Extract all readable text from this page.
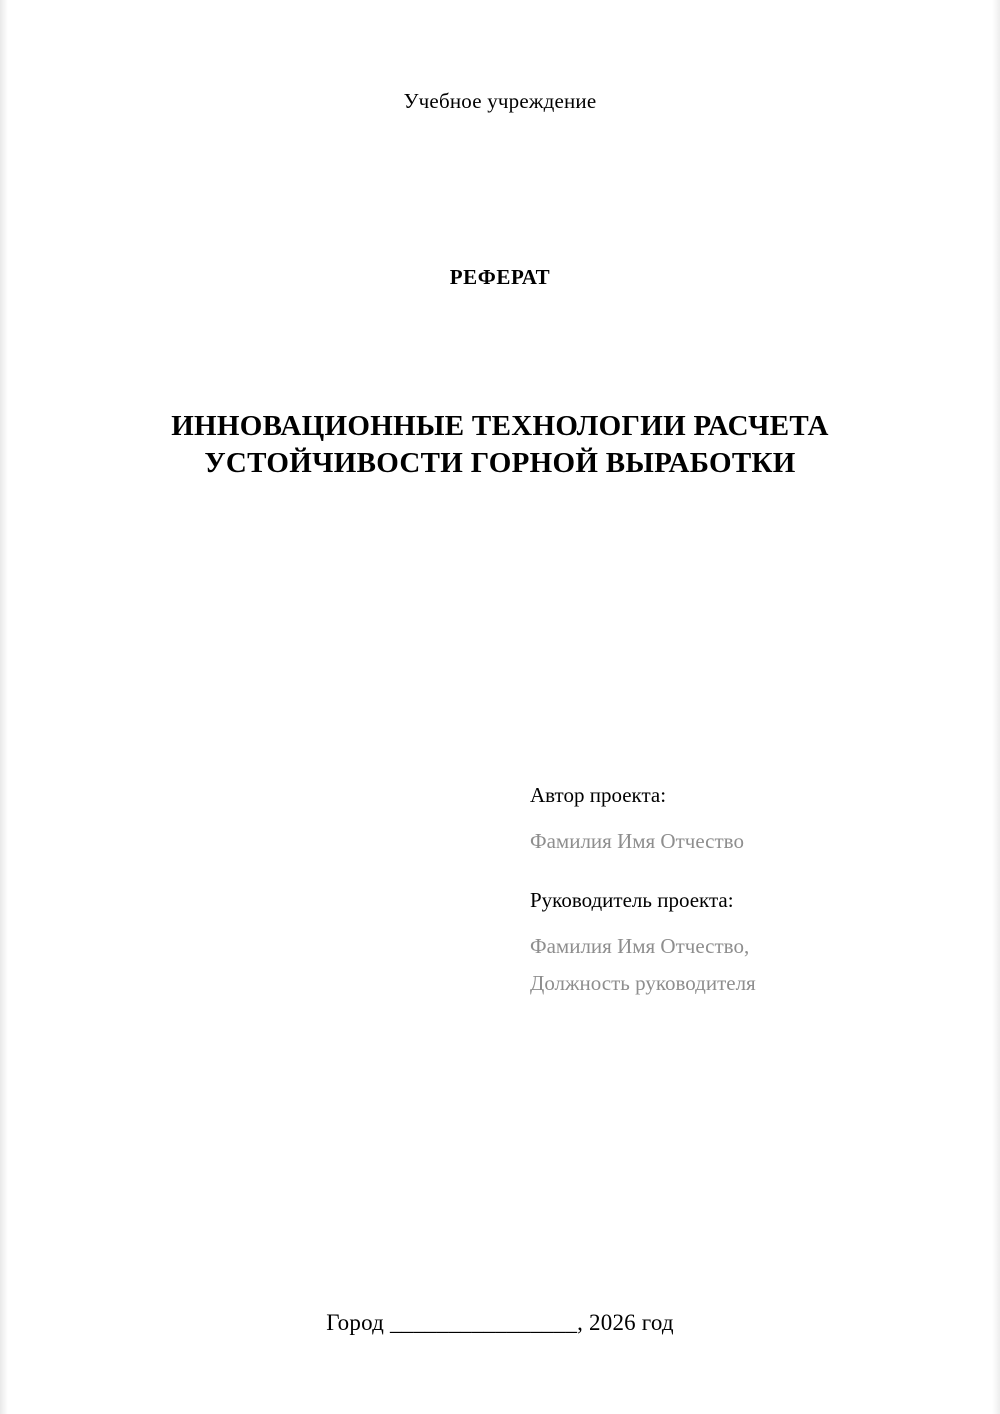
Учебное учреждение
РЕФЕРАТ
ИННОВАЦИОННЫЕ ТЕХНОЛОГИИ РАСЧЕТА УСТОЙЧИВОСТИ ГОРНОЙ ВЫРАБОТКИ
Автор проекта:
Фамилия Имя Отчество
Руководитель проекта:
Фамилия Имя Отчество,
Должность руководителя
Город ________________, 2026 год
